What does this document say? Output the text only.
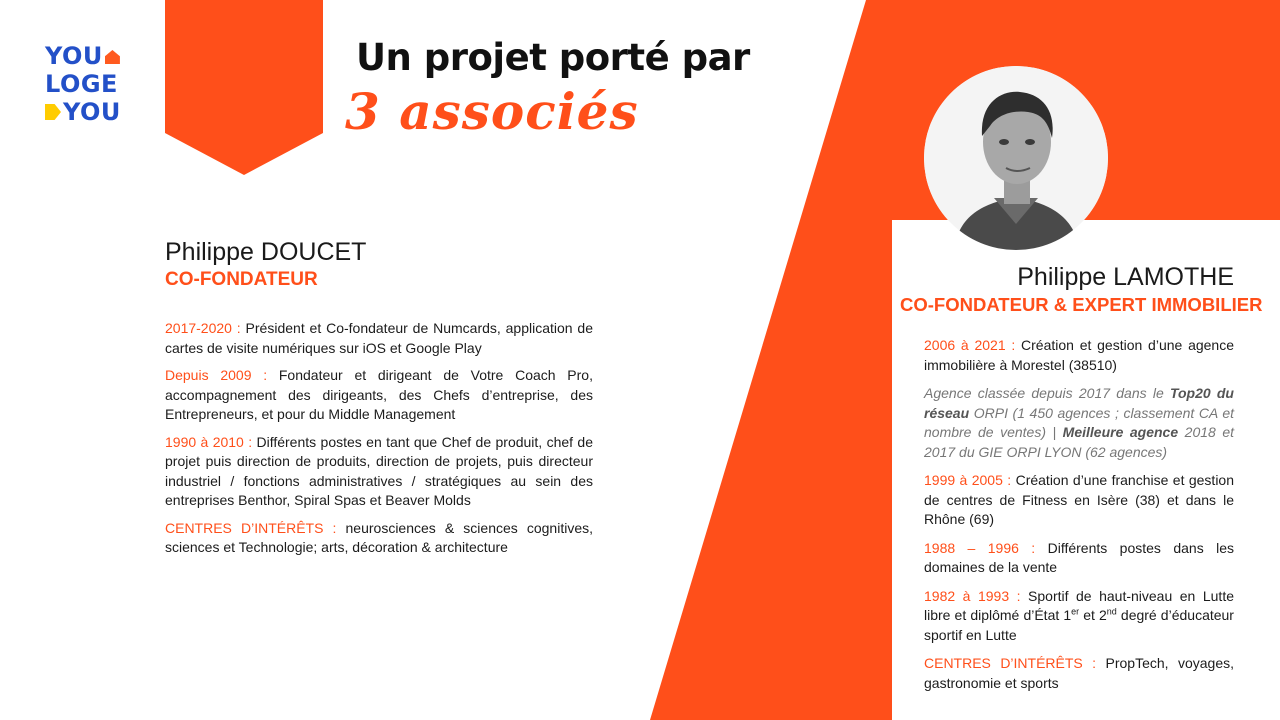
YOU
LOGE
YOU
Un projet porté par
3 associés
Philippe DOUCET
CO-FONDATEUR
2017-2020 : Président et Co-fondateur de Numcards, application de cartes de visite numériques sur iOS et Google Play
Depuis 2009 : Fondateur et dirigeant de Votre Coach Pro, accompagnement des dirigeants, des Chefs d’entreprise, des Entrepreneurs, et pour du Middle Management
1990 à 2010 : Différents postes en tant que Chef de produit, chef de projet puis direction de produits, direction de projets, puis directeur industriel / fonctions administratives / stratégiques au sein des entreprises Benthor, Spiral Spas et Beaver Molds
CENTRES D’INTÉRÊTS : neurosciences & sciences cognitives, sciences et Technologie; arts, décoration & architecture
Philippe LAMOTHE
CO-FONDATEUR & EXPERT IMMOBILIER
2006 à 2021 : Création et gestion d’une agence immobilière à Morestel (38510)
Agence classée depuis 2017 dans le Top20 du réseau ORPI (1 450 agences ; classement CA et nombre de ventes) | Meilleure agence 2018 et 2017 du GIE ORPI LYON (62 agences)
1999 à 2005 : Création d’une franchise et gestion de centres de Fitness en Isère (38) et dans le Rhône (69)
1988 – 1996 : Différents postes dans les domaines de la vente
1982 à 1993 : Sportif de haut-niveau en Lutte libre et diplômé d’État 1er et 2nd degré d’éducateur sportif en Lutte
CENTRES D’INTÉRÊTS : PropTech, voyages, gastronomie et sports
